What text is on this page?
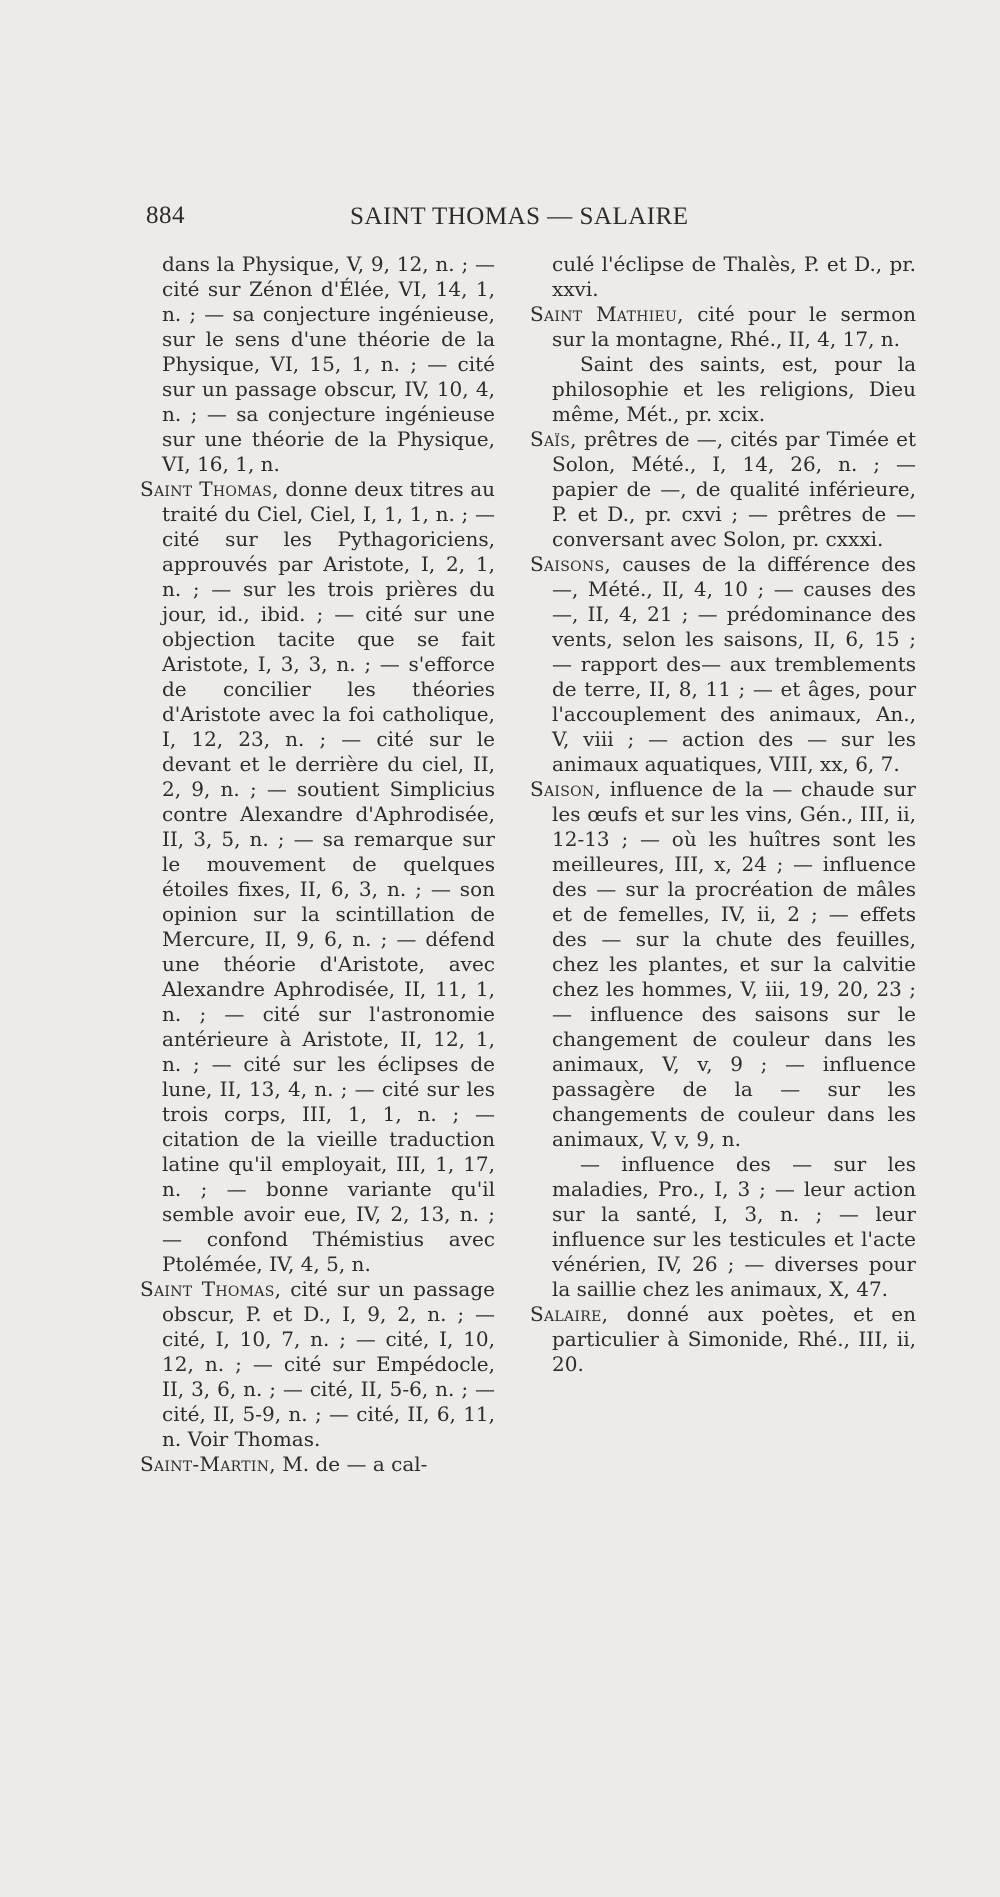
884	SAINT THOMAS — SALAIRE

dans la Physique, V, 9, 12, n. ; — cité sur Zénon d'Élée, VI, 14, 1, n. ; — sa conjecture ingénieuse, sur le sens d'une théorie de la Physique, VI, 15, 1, n. ; — cité sur un passage obscur, IV, 10, 4, n. ; — sa conjecture ingénieuse sur une théorie de la Physique, VI, 16, 1, n.

Saint Thomas, donne deux titres au traité du Ciel, Ciel, I, 1, 1, n. ; — cité sur les Pythagoriciens, approuvés par Aristote, I, 2, 1, n. ; — sur les trois prières du jour, id., ibid. ; — cité sur une objection tacite que se fait Aristote, I, 3, 3, n. ; — s'efforce de concilier les théories d'Aristote avec la foi catholique, I, 12, 23, n. ; — cité sur le devant et le derrière du ciel, II, 2, 9, n. ; — soutient Simplicius contre Alexandre d'Aphrodisée, II, 3, 5, n. ; — sa remarque sur le mouvement de quelques étoiles fixes, II, 6, 3, n. ; — son opinion sur la scintillation de Mercure, II, 9, 6, n. ; — défend une théorie d'Aristote, avec Alexandre Aphrodisée, II, 11, 1, n. ; — cité sur l'astronomie antérieure à Aristote, II, 12, 1, n. ; — cité sur les éclipses de lune, II, 13, 4, n. ; — cité sur les trois corps, III, 1, 1, n. ; — citation de la vieille traduction latine qu'il employait, III, 1, 17, n. ; — bonne variante qu'il semble avoir eue, IV, 2, 13, n. ; — confond Thémistius avec Ptolémée, IV, 4, 5, n.

Saint Thomas, cité sur un passage obscur, P. et D., I, 9, 2, n. ; — cité, I, 10, 7, n. ; — cité, I, 10, 12, n. ; — cité sur Empédocle, II, 3, 6, n. ; — cité, II, 5-6, n. ; — cité, II, 5-9, n. ; — cité, II, 6, 11, n. Voir Thomas.

Saint-Martin, M. de — a cal-

culé l'éclipse de Thalès, P. et D., pr. xxvi.

Saint Mathieu, cité pour le sermon sur la montagne, Rhé., II, 4, 17, n.

Saint des saints, est, pour la philosophie et les religions, Dieu même, Mét., pr. xcix.

Saïs, prêtres de —, cités par Timée et Solon, Mété., I, 14, 26, n. ; — papier de —, de qualité inférieure, P. et D., pr. cxvi ; — prêtres de — conversant avec Solon, pr. cxxxi.

Saisons, causes de la différence des —, Mété., II, 4, 10 ; — causes des —, II, 4, 21 ; — prédominance des vents, selon les saisons, II, 6, 15 ; — rapport des— aux tremblements de terre, II, 8, 11 ; — et âges, pour l'accouplement des animaux, An., V, viii ; — action des — sur les animaux aquatiques, VIII, xx, 6, 7.

Saison, influence de la — chaude sur les œufs et sur les vins, Gén., III, ii, 12-13 ; — où les huîtres sont les meilleures, III, x, 24 ; — influence des — sur la procréation de mâles et de femelles, IV, ii, 2 ; — effets des — sur la chute des feuilles, chez les plantes, et sur la calvitie chez les hommes, V, iii, 19, 20, 23 ; — influence des saisons sur le changement de couleur dans les animaux, V, v, 9 ; — influence passagère de la — sur les changements de couleur dans les animaux, V, v, 9, n.

— influence des — sur les maladies, Pro., I, 3 ; — leur action sur la santé, I, 3, n. ; — leur influence sur les testicules et l'acte vénérien, IV, 26 ; — diverses pour la saillie chez les animaux, X, 47.

Salaire, donné aux poètes, et en particulier à Simonide, Rhé., III, ii, 20.
